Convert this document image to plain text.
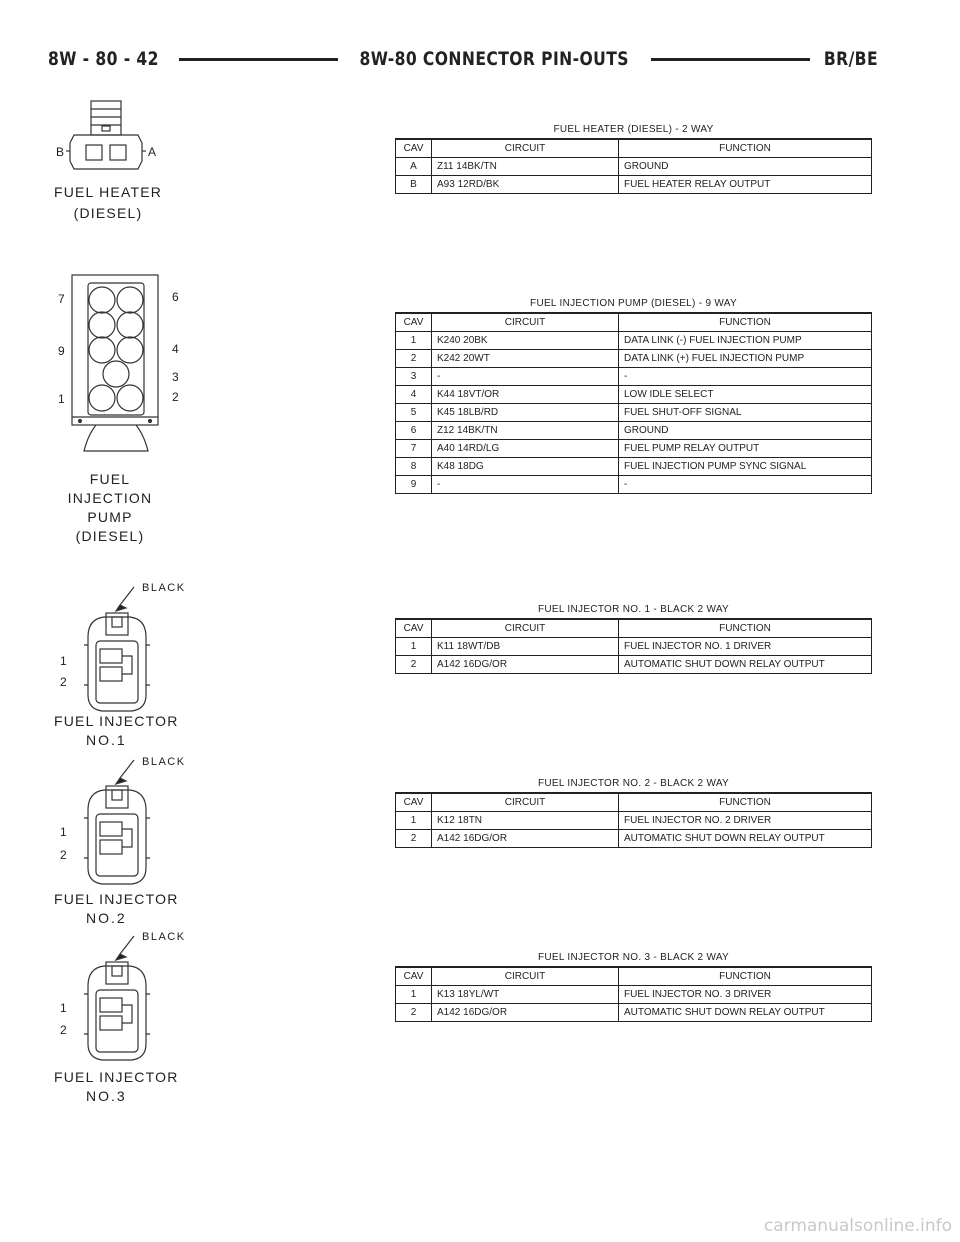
8W - 80 - 42	8W-80 CONNECTOR PIN-OUTS	BR/BE
B	A
FUEL HEATER
(DIESEL)
7
9
1
6
4
3
2
FUEL
INJECTION
PUMP
(DIESEL)
BLACK
1
2
FUEL INJECTOR
NO.1
BLACK
1
2
FUEL INJECTOR
NO.2
BLACK
1
2
FUEL INJECTOR
NO.3
FUEL HEATER (DIESEL) - 2 WAY
CAV	CIRCUIT	FUNCTION
A	Z11 14BK/TN	GROUND
B	A93 12RD/BK	FUEL HEATER RELAY OUTPUT
FUEL INJECTION PUMP (DIESEL) - 9 WAY
CAV	CIRCUIT	FUNCTION
1	K240 20BK	DATA LINK (-) FUEL INJECTION PUMP
2	K242 20WT	DATA LINK (+) FUEL INJECTION PUMP
3	-	-
4	K44 18VT/OR	LOW IDLE SELECT
5	K45 18LB/RD	FUEL SHUT-OFF SIGNAL
6	Z12 14BK/TN	GROUND
7	A40 14RD/LG	FUEL PUMP RELAY OUTPUT
8	K48 18DG	FUEL INJECTION PUMP SYNC SIGNAL
9	-	-
FUEL INJECTOR NO. 1 - BLACK 2 WAY
CAV	CIRCUIT	FUNCTION
1	K11 18WT/DB	FUEL INJECTOR NO. 1 DRIVER
2	A142 16DG/OR	AUTOMATIC SHUT DOWN RELAY OUTPUT
FUEL INJECTOR NO. 2 - BLACK 2 WAY
CAV	CIRCUIT	FUNCTION
1	K12 18TN	FUEL INJECTOR NO. 2 DRIVER
2	A142 16DG/OR	AUTOMATIC SHUT DOWN RELAY OUTPUT
FUEL INJECTOR NO. 3 - BLACK 2 WAY
CAV	CIRCUIT	FUNCTION
1	K13 18YL/WT	FUEL INJECTOR NO. 3 DRIVER
2	A142 16DG/OR	AUTOMATIC SHUT DOWN RELAY OUTPUT
carmanualsonline.info
